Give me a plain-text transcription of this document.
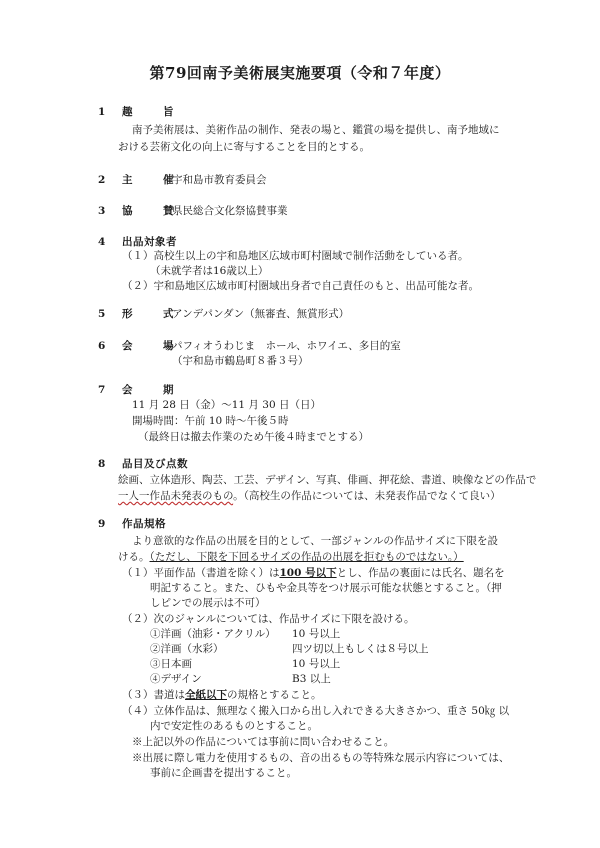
第79回南予美術展実施要項（令和７年度）
1 趣　旨
南予美術展は、美術作品の制作、発表の場と、鑑賞の場を提供し、南予地域に
おける芸術文化の向上に寄与することを目的とする。
2 主　催
宇和島市教育委員会
3 協　賛
県民総合文化祭協賛事業
4 出品対象者
（１）高校生以上の宇和島地区広域市町村圏域で制作活動をしている者。
（未就学者は16歳以上）
（２）宇和島地区広域市町村圏域出身者で自己責任のもと、出品可能な者。
5 形　式
アンデパンダン（無審査、無賞形式）
6 会　場
パフィオうわじま　ホール、ホワイエ、多目的室
（宇和島市鶴島町８番３号）
7 会　期
11 月 28 日（金）～11 月 30 日（日）
開場時間：午前 10 時～午後５時
（最終日は撤去作業のため午後４時までとする）
8 品目及び点数
絵画、立体造形、陶芸、工芸、デザイン、写真、俳画、押花絵、書道、映像などの作品で
一人一作品未発表のもの。（高校生の作品については、未発表作品でなくて良い）
9 作品規格
より意欲的な作品の出展を目的として、一部ジャンルの作品サイズに下限を設
ける。（ただし、下限を下回るサイズの作品の出展を拒むものではない。）
（１）平面作品（書道を除く）は100 号以下とし、作品の裏面には氏名、題名を
明記すること。また、ひもや金具等をつけ展示可能な状態とすること。（押
しピンでの展示は不可）
（２）次のジャンルについては、作品サイズに下限を設ける。
①洋画（油彩・アクリル） 10 号以上
②洋画（水彩）	四ツ切以上もしくは８号以上
③日本画	10 号以上
④デザイン	B3 以上
（３）書道は全紙以下の規格とすること。
（４）立体作品は、無理なく搬入口から出し入れできる大きさかつ、重さ 50㎏ 以
内で安定性のあるものとすること。
※上記以外の作品については事前に問い合わせること。
※出展に際し電力を使用するもの、音の出るもの等特殊な展示内容については、
事前に企画書を提出すること。
